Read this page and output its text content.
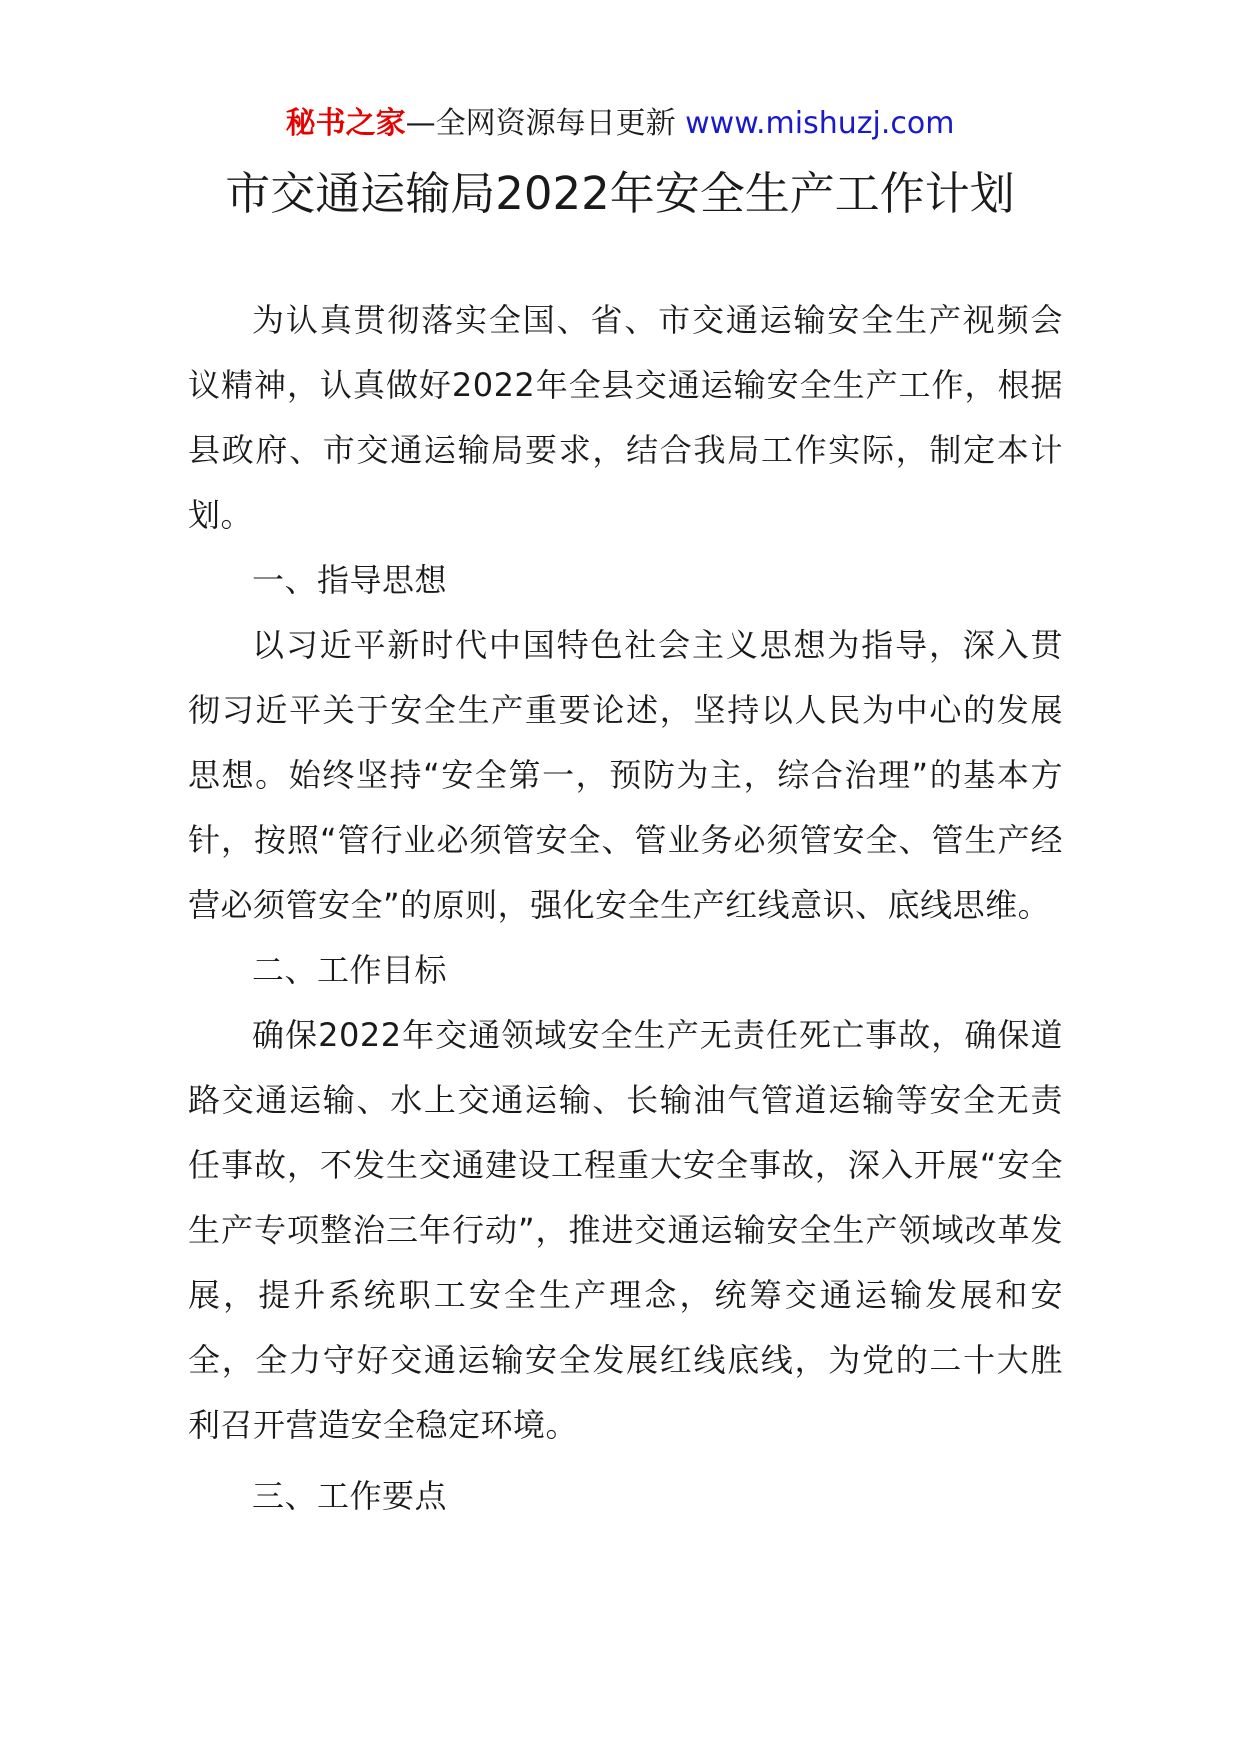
秘书之家—全网资源每日更新 www.mishuzj.com
市交通运输局2022年安全生产工作计划

为认真贯彻落实全国、省、市交通运输安全生产视频会议精神，认真做好2022年全县交通运输安全生产工作，根据县政府、市交通运输局要求，结合我局工作实际，制定本计划。

一、指导思想

以习近平新时代中国特色社会主义思想为指导，深入贯彻习近平关于安全生产重要论述，坚持以人民为中心的发展思想。始终坚持“安全第一，预防为主，综合治理”的基本方针，按照“管行业必须管安全、管业务必须管安全、管生产经营必须管安全”的原则，强化安全生产红线意识、底线思维。

二、工作目标

确保2022年交通领域安全生产无责任死亡事故，确保道路交通运输、水上交通运输、长输油气管道运输等安全无责任事故，不发生交通建设工程重大安全事故，深入开展“安全生产专项整治三年行动”，推进交通运输安全生产领域改革发展，提升系统职工安全生产理念，统筹交通运输发展和安全，全力守好交通运输安全发展红线底线，为党的二十大胜利召开营造安全稳定环境。

三、工作要点
